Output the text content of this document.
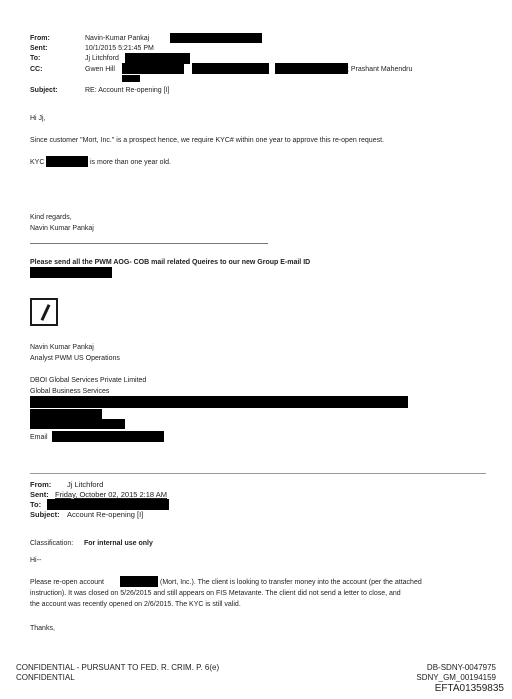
From:	Navin-Kumar Pankaj
Sent:	10/1/2015 5:21:45 PM
To:	Jj Litchford
CC:	Gwen Hill	; Prashant Mahendru
Subject:	RE: Account Re-opening [I]
Hi Jj,
Since customer "Mort, Inc." is a prospect hence, we require KYC# within one year to approve this re-open request.
KYC	is more than one year old.
Kind regards,
Navin Kumar Pankaj
Please send all the PWM AOG- COB mail related Queires to our new Group E-mail ID
Navin Kumar Pankaj
Analyst PWM US Operations
DBOI Global Services Private Limited
Global Business Services
Email
From: Jj Litchford
Sent: Friday, October 02, 2015 2:18 AM
To:
Subject: Account Re-opening [I]
Classification: For internal use only
Hi--
Please re-open account	(Mort, Inc.). The client is looking to transfer money into the account (per the attached
instruction). It was closed on 5/26/2015 and still appears on FIS Metavante. The client did not send a letter to close, and
the account was recently opened on 2/6/2015. The KYC is still valid.
Thanks,
CONFIDENTIAL - PURSUANT TO FED. R. CRIM. P. 6(e)
CONFIDENTIAL
DB-SDNY-0047975
SDNY_GM_00194159
EFTA01359835
